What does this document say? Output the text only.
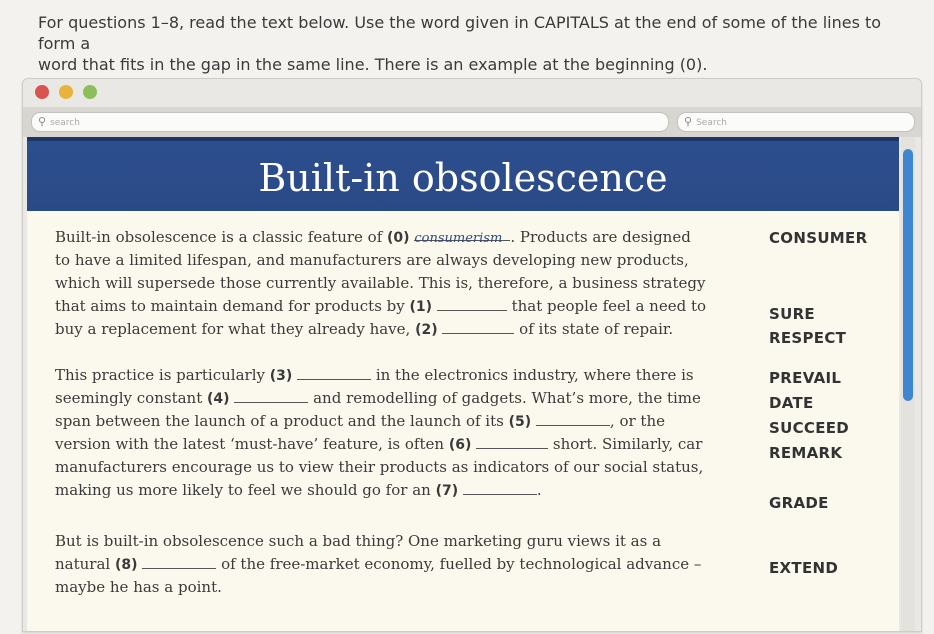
For questions 1–8, read the text below. Use the word given in CAPITALS at the end of some of the lines to form a
word that fits in the gap in the same line. There is an example at the beginning (0).
⚲ search	⚲ Search
Built-in obsolescence
Built-in obsolescence is a classic feature of (0) consumerism . Products are designed
to have a limited lifespan, and manufacturers are always developing new products,
which will supersede those currently available. This is, therefore, a business strategy
that aims to maintain demand for products by (1)	that people feel a need to
buy a replacement for what they already have, (2)	of its state of repair.
This practice is particularly (3)	in the electronics industry, where there is
seemingly constant (4)	and remodelling of gadgets. What’s more, the time
span between the launch of a product and the launch of its (5)	, or the
version with the latest ‘must-have’ feature, is often (6)	short. Similarly, car
manufacturers encourage us to view their products as indicators of our social status,
making us more likely to feel we should go for an (7)	.
But is built-in obsolescence such a bad thing? One marketing guru views it as a
natural (8)	of the free-market economy, fuelled by technological advance –
maybe he has a point.
CONSUMER
SURE
RESPECT
PREVAIL
DATE
SUCCEED
REMARK
GRADE
EXTEND
